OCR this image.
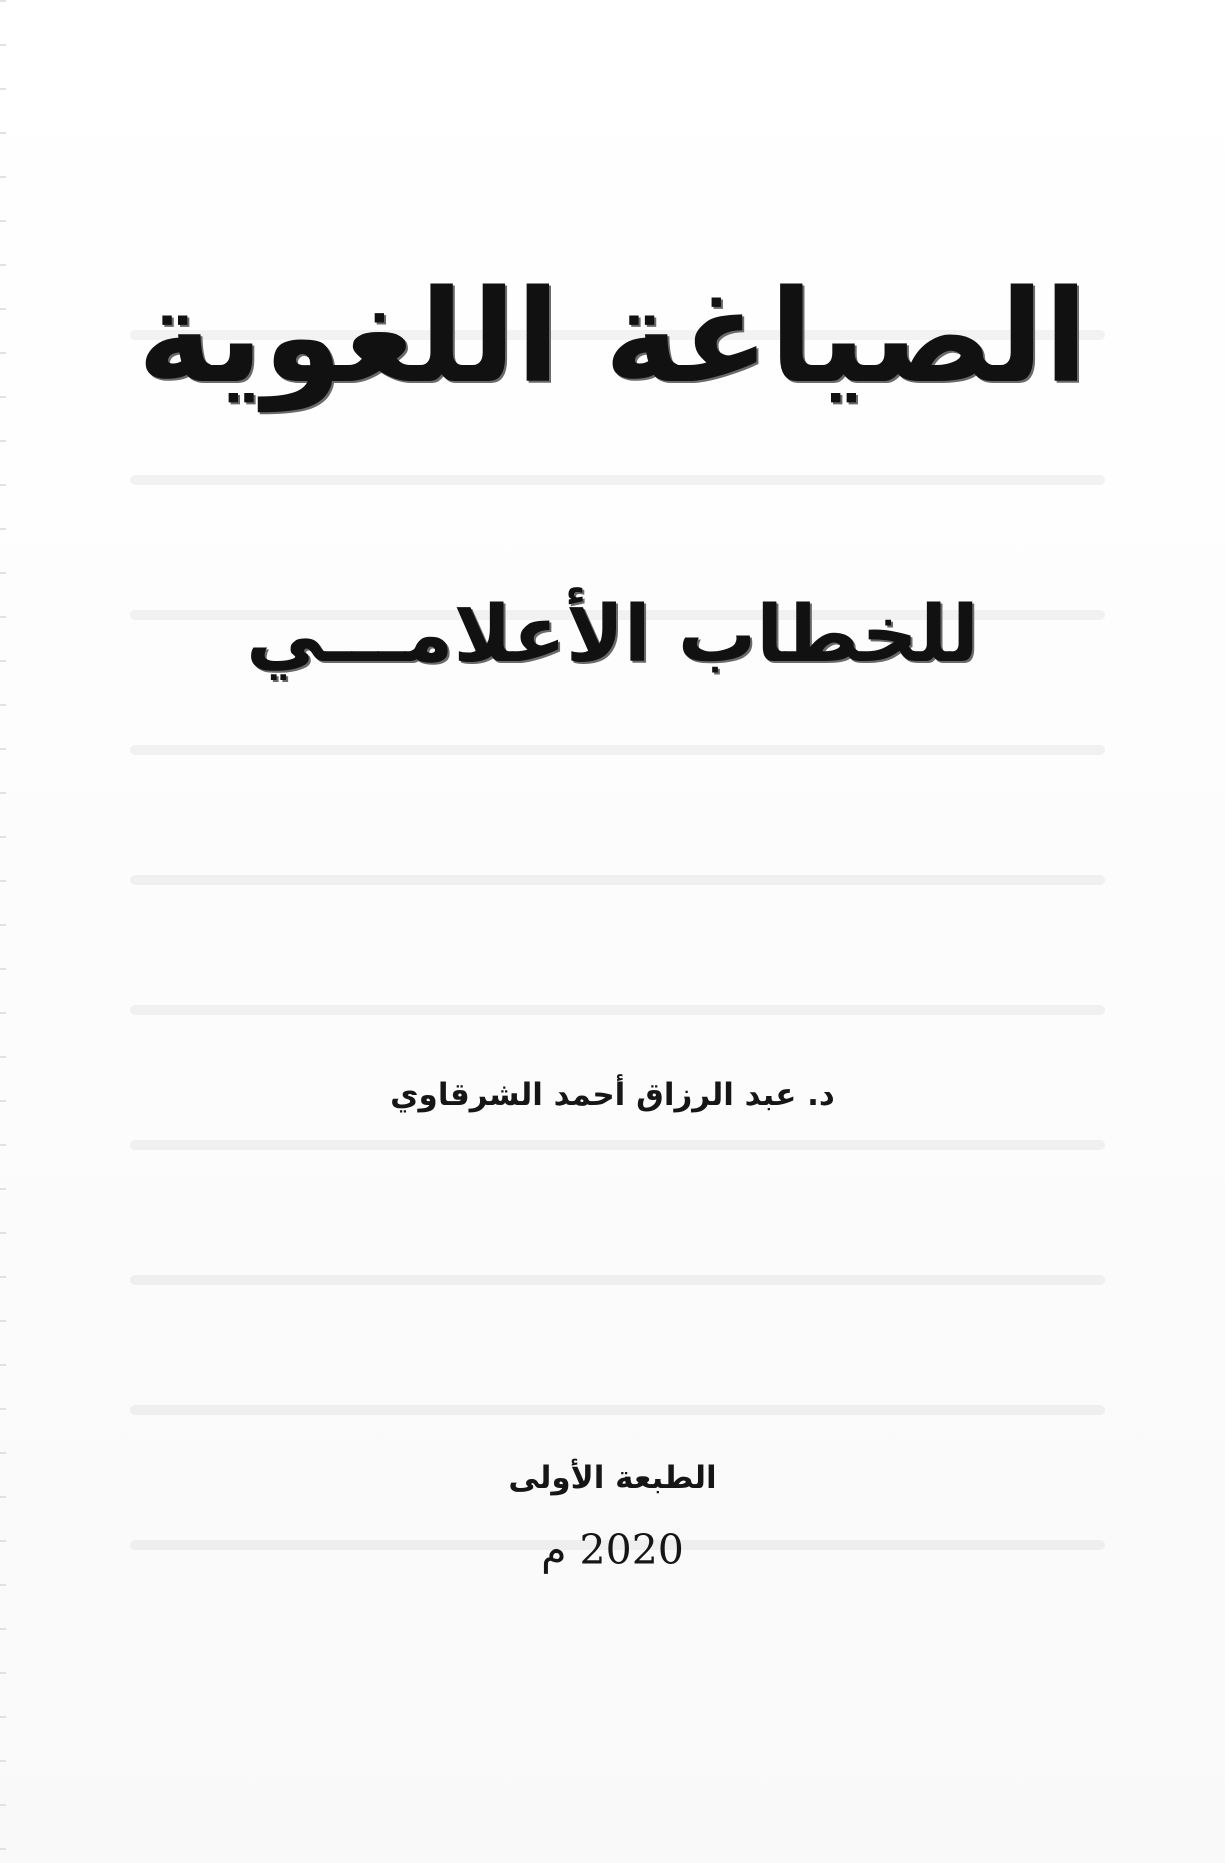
الصياغة اللغوية
للخطاب الأعلامـــي

د. عبد الرزاق أحمد الشرقاوي

الطبعة الأولى

2020 م
